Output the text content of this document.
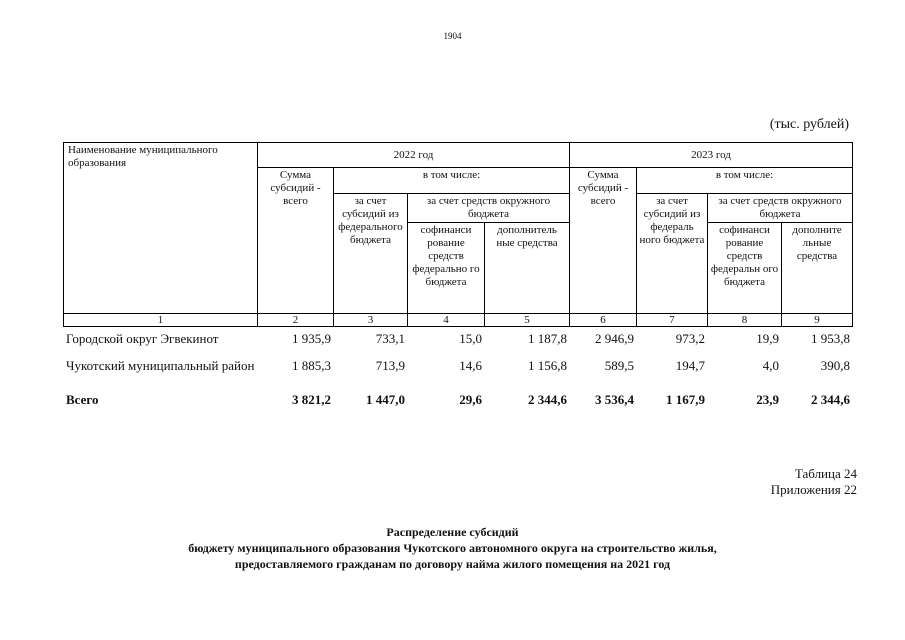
1904
(тыс. рублей)
Наименование муниципального образования
2022 год	2023 год
Сумма субсидий - всего
в том числе:
за счет субсидий из федерального бюджета
за счет средств окружного бюджета
софинанси рование средств федерально го бюджета
дополнитель ные средства
Сумма субсидий - всего
в том числе:
за счет субсидий из федераль ного бюджета
за счет средств окружного бюджета
софинанси рование средств федеральн ого бюджета
дополните льные средства
1	2	3	4	5	6	7	8	9
Городской округ Эгвекинот	1 935,9	733,1	15,0	1 187,8	2 946,9	973,2	19,9	1 953,8
Чукотский муниципальный район	1 885,3	713,9	14,6	1 156,8	589,5	194,7	4,0	390,8
Всего	3 821,2	1 447,0	29,6	2 344,6	3 536,4	1 167,9	23,9	2 344,6
Таблица 24
Приложения 22
Распределение субсидий
бюджету муниципального образования Чукотского автономного округа на строительство жилья,
предоставляемого гражданам по договору найма жилого помещения на 2021 год
